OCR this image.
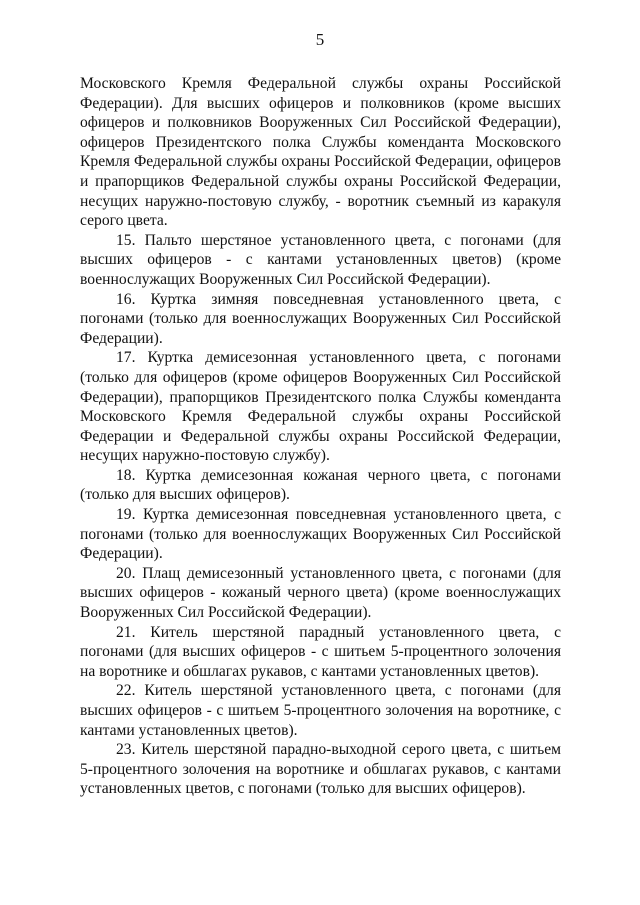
5

Московского Кремля Федеральной службы охраны Российской Федерации). Для высших офицеров и полковников (кроме высших офицеров и полковников Вооруженных Сил Российской Федерации), офицеров Президентского полка Службы коменданта Московского Кремля Федеральной службы охраны Российской Федерации, офицеров и прапорщиков Федеральной службы охраны Российской Федерации, несущих наружно-постовую службу, - воротник съемный из каракуля серого цвета.

15. Пальто шерстяное установленного цвета, с погонами (для высших офицеров - с кантами установленных цветов) (кроме военнослужащих Вооруженных Сил Российской Федерации).

16. Куртка зимняя повседневная установленного цвета, с погонами (только для военнослужащих Вооруженных Сил Российской Федерации).

17. Куртка демисезонная установленного цвета, с погонами (только для офицеров (кроме офицеров Вооруженных Сил Российской Федерации), прапорщиков Президентского полка Службы коменданта Московского Кремля Федеральной службы охраны Российской Федерации и Федеральной службы охраны Российской Федерации, несущих наружно-постовую службу).

18. Куртка демисезонная кожаная черного цвета, с погонами (только для высших офицеров).

19. Куртка демисезонная повседневная установленного цвета, с погонами (только для военнослужащих Вооруженных Сил Российской Федерации).

20. Плащ демисезонный установленного цвета, с погонами (для высших офицеров - кожаный черного цвета) (кроме военнослужащих Вооруженных Сил Российской Федерации).

21. Китель шерстяной парадный установленного цвета, с погонами (для высших офицеров - с шитьем 5-процентного золочения на воротнике и обшлагах рукавов, с кантами установленных цветов).

22. Китель шерстяной установленного цвета, с погонами (для высших офицеров - с шитьем 5-процентного золочения на воротнике, с кантами установленных цветов).

23. Китель шерстяной парадно-выходной серого цвета, с шитьем 5-процентного золочения на воротнике и обшлагах рукавов, с кантами установленных цветов, с погонами (только для высших офицеров).
